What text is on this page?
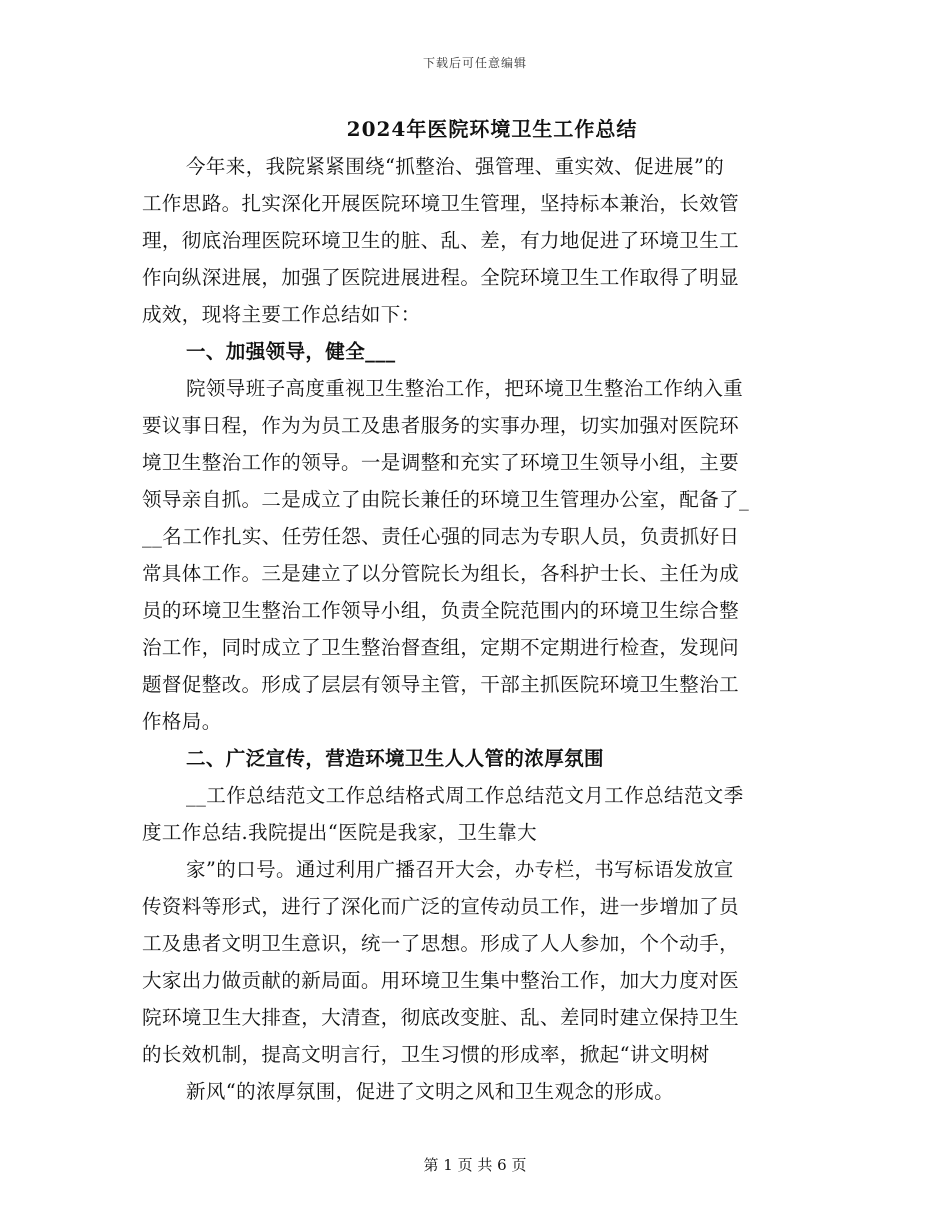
下载后可任意编辑
2024年医院环境卫生工作总结
今年来，我院紧紧围绕“抓整治、强管理、重实效、促进展”的
工作思路。扎实深化开展医院环境卫生管理，坚持标本兼治，长效管
理，彻底治理医院环境卫生的脏、乱、差，有力地促进了环境卫生工
作向纵深进展，加强了医院进展进程。全院环境卫生工作取得了明显
成效，现将主要工作总结如下：
一、加强领导，健全___
院领导班子高度重视卫生整治工作，把环境卫生整治工作纳入重
要议事日程，作为为员工及患者服务的实事办理，切实加强对医院环
境卫生整治工作的领导。一是调整和充实了环境卫生领导小组，主要
领导亲自抓。二是成立了由院长兼任的环境卫生管理办公室，配备了_
__名工作扎实、任劳任怨、责任心强的同志为专职人员，负责抓好日
常具体工作。三是建立了以分管院长为组长，各科护士长、主任为成
员的环境卫生整治工作领导小组，负责全院范围内的环境卫生综合整
治工作，同时成立了卫生整治督查组，定期不定期进行检查，发现问
题督促整改。形成了层层有领导主管，干部主抓医院环境卫生整治工
作格局。
二、广泛宣传，营造环境卫生人人管的浓厚氛围
__工作总结范文工作总结格式周工作总结范文月工作总结范文季
度工作总结.我院提出“医院是我家，卫生靠大
家”的口号。通过利用广播召开大会，办专栏，书写标语发放宣
传资料等形式，进行了深化而广泛的宣传动员工作，进一步增加了员
工及患者文明卫生意识，统一了思想。形成了人人参加，个个动手，
大家出力做贡献的新局面。用环境卫生集中整治工作，加大力度对医
院环境卫生大排查，大清查，彻底改变脏、乱、差同时建立保持卫生
的长效机制，提高文明言行，卫生习惯的形成率，掀起“讲文明树
新风“的浓厚氛围，促进了文明之风和卫生观念的形成。
第 1 页 共 6 页
